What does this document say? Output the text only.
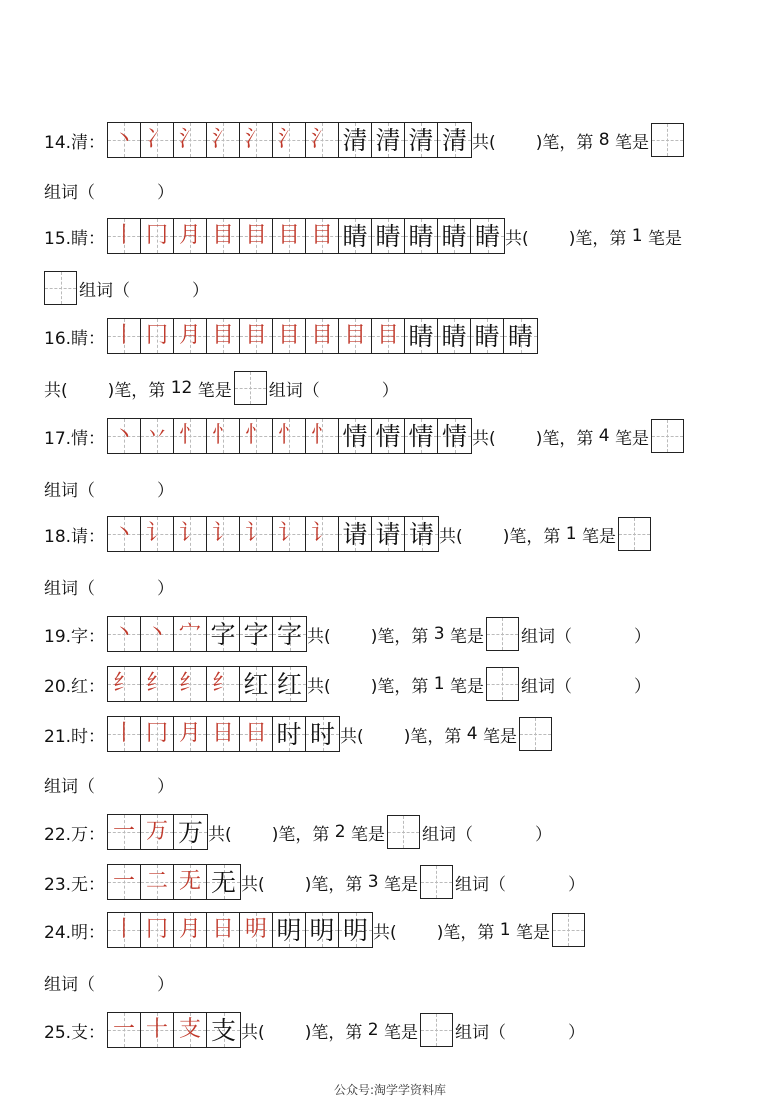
14.清： 丶 冫 氵 氵 氵 氵 氵 清 清 清 清 共( )笔，第
8
笔是
组词（	）
15.睛： 丨 冂 月 目 目 目 目 睛 睛 睛 睛 睛 共( )笔，第
1
笔是
组词（	）
16.睛： 丨 冂 月 目 目 目 目 目 目 睛 睛 睛 睛
共( )笔，第
12
笔是 组词（	）
17.情： 丶 丷 忄 忄 忄 忄 忄 情 情 情 情 共( )笔，第
4
笔是
组词（	）
18.请： 丶 讠 讠 讠 讠 讠 讠 请 请 请 共( )笔，第
1
笔是
组词（	）
19.字： 丶 丶 宀 字 字 字 共( )笔，第
3
笔是 组词（	）
20.红： 纟 纟 纟 纟 红 红 共( )笔，第
1
笔是 组词（	）
21.时： 丨 冂 月 日 日 时 时 共( )笔，第
4
笔是
组词（	）
22.万： 一 万 万 共( )笔，第
2
笔是 组词（	）
23.无： 一 二 无 无 共( )笔，第
3
笔是 组词（	）
24.明： 丨 冂 月 日 明 明 明 明 共( )笔，第
1
笔是
组词（	）
25.支： 一 十 支 支 共( )笔，第
2
笔是 组词（	）
公众号:淘学学资料库
